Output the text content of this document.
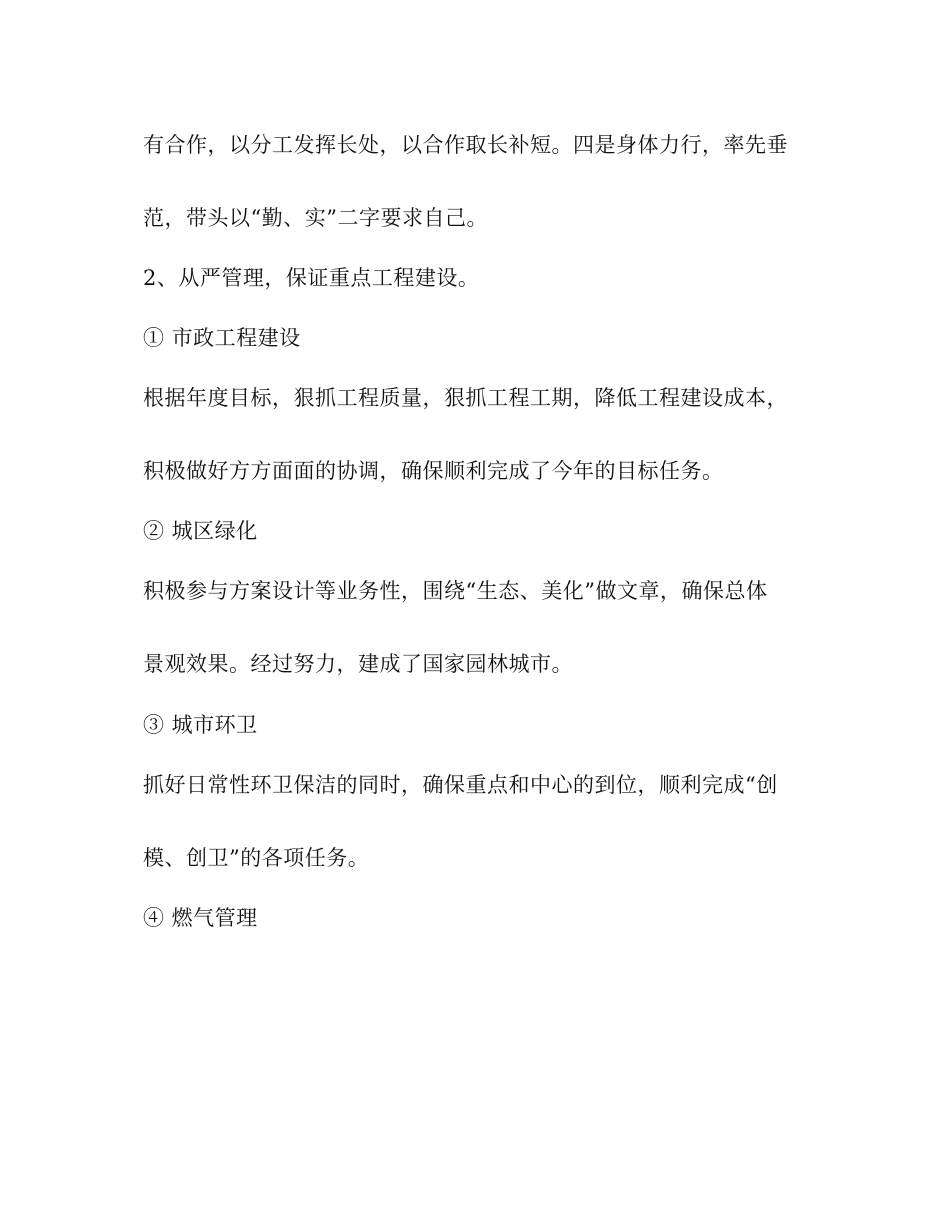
有合作，以分工发挥长处，以合作取长补短。四是身体力行，率先垂
范，带头以“勤、实”二字要求自己。
2、从严管理，保证重点工程建设。
① 市政工程建设
根据年度目标，狠抓工程质量，狠抓工程工期，降低工程建设成本，
积极做好方方面面的协调，确保顺利完成了今年的目标任务。
② 城区绿化
积极参与方案设计等业务性，围绕“生态、美化”做文章，确保总体
景观效果。经过努力，建成了国家园林城市。
③ 城市环卫
抓好日常性环卫保洁的同时，确保重点和中心的到位，顺利完成“创
模、创卫”的各项任务。
④ 燃气管理
